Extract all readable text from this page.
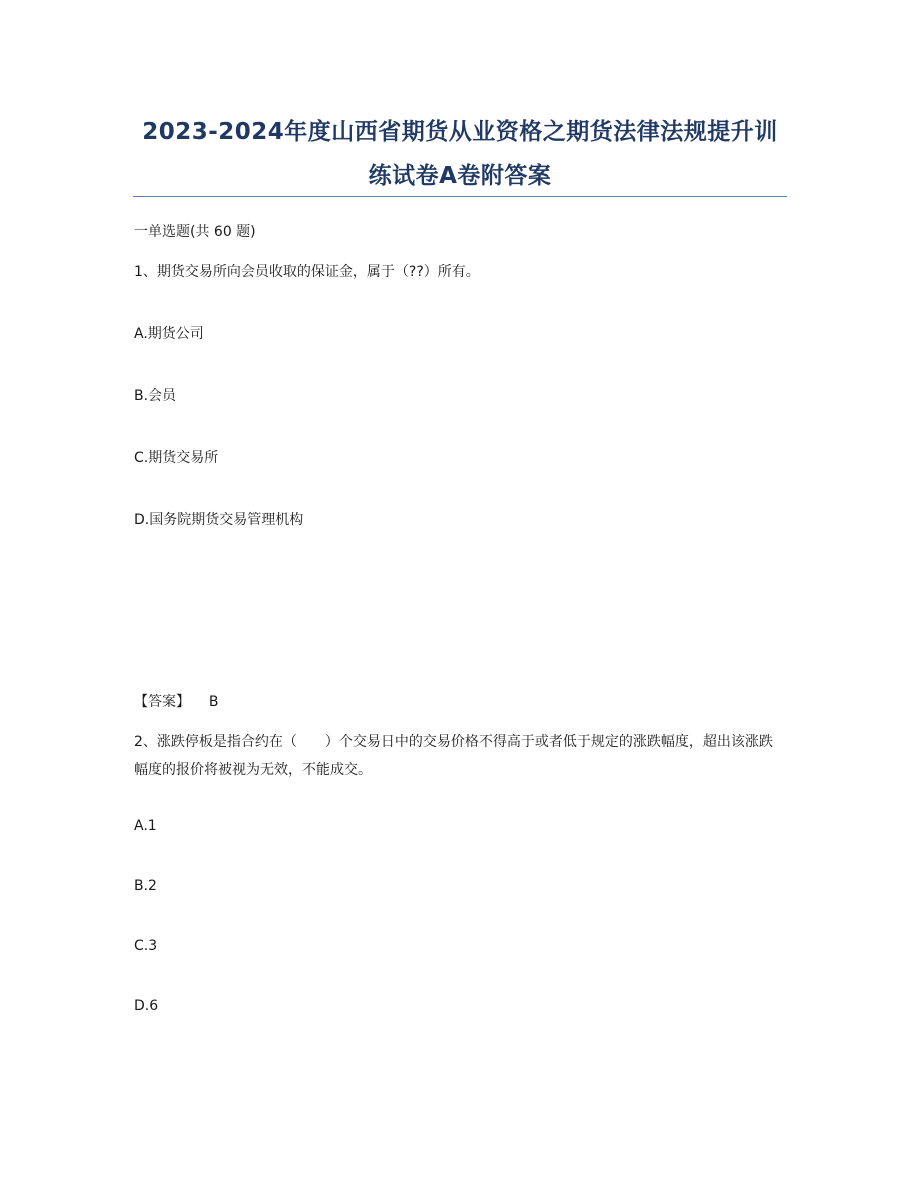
2023-2024年度山西省期货从业资格之期货法律法规提升训
练试卷A卷附答案

一单选题(共 60 题)

1、期货交易所向会员收取的保证金，属于（??）所有。

A.期货公司

B.会员

C.期货交易所

D.国务院期货交易管理机构

【答案】 B

2、涨跌停板是指合约在（　　）个交易日中的交易价格不得高于或者低于规定的涨跌幅度，超出该涨跌幅度的报价将被视为无效，不能成交。

A.1

B.2

C.3

D.6
